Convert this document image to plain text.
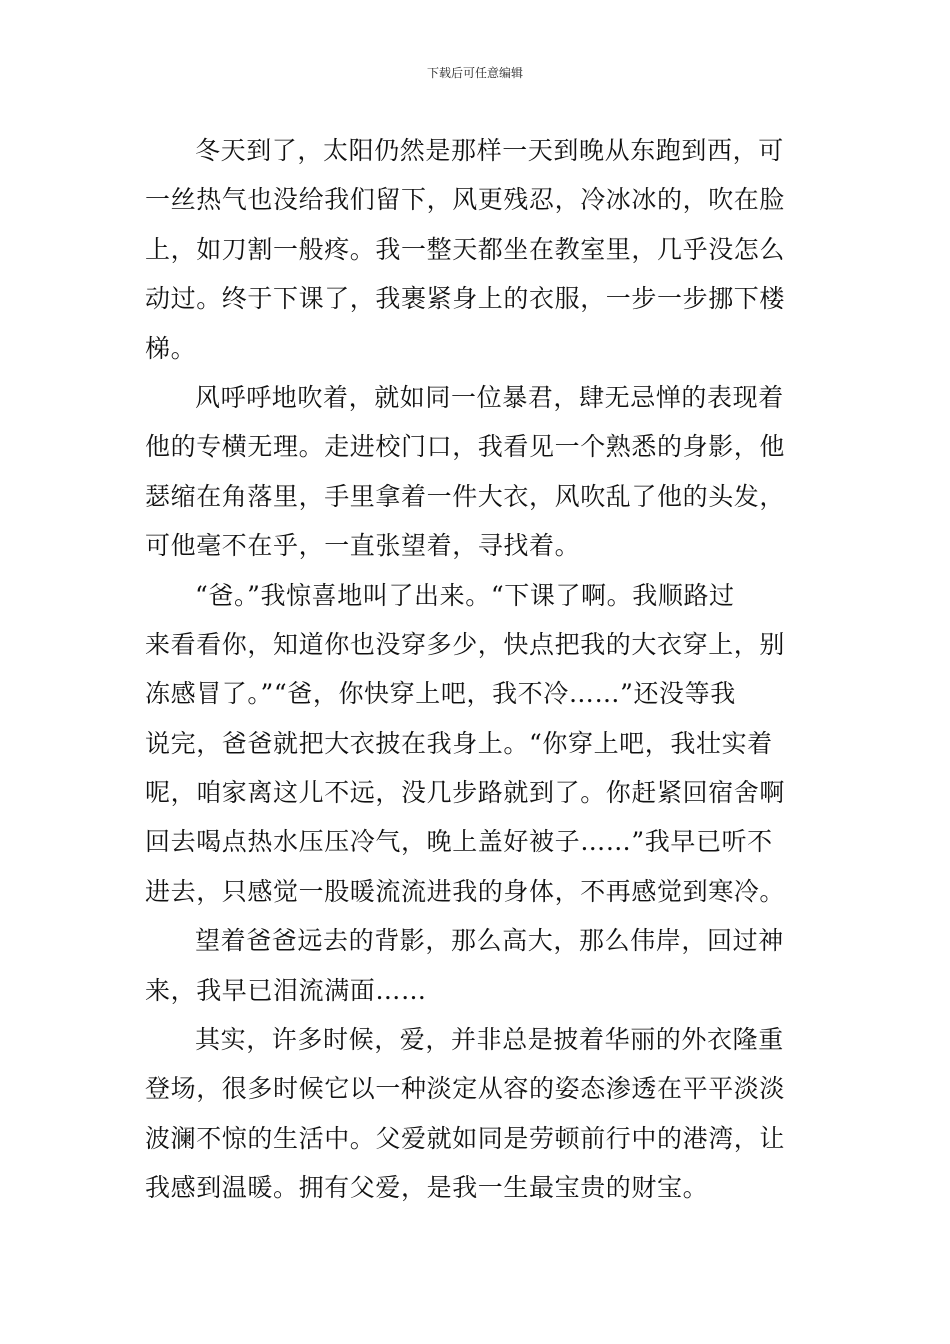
下载后可任意编辑
冬天到了，太阳仍然是那样一天到晚从东跑到西，可
一丝热气也没给我们留下，风更残忍，冷冰冰的，吹在脸
上，如刀割一般疼。我一整天都坐在教室里，几乎没怎么
动过。终于下课了，我裹紧身上的衣服，一步一步挪下楼
梯。
风呼呼地吹着，就如同一位暴君，肆无忌惮的表现着
他的专横无理。走进校门口，我看见一个熟悉的身影，他
瑟缩在角落里，手里拿着一件大衣，风吹乱了他的头发，
可他毫不在乎，一直张望着，寻找着。
“爸。”我惊喜地叫了出来。“下课了啊。我顺路过
来看看你，知道你也没穿多少，快点把我的大衣穿上，别
冻感冒了。”“爸，你快穿上吧，我不冷……”还没等我
说完，爸爸就把大衣披在我身上。“你穿上吧，我壮实着
呢，咱家离这儿不远，没几步路就到了。你赶紧回宿舍啊
回去喝点热水压压冷气，晚上盖好被子……”我早已听不
进去，只感觉一股暖流流进我的身体，不再感觉到寒冷。
望着爸爸远去的背影，那么高大，那么伟岸，回过神
来，我早已泪流满面……
其实，许多时候，爱，并非总是披着华丽的外衣隆重
登场，很多时候它以一种淡定从容的姿态渗透在平平淡淡
波澜不惊的生活中。父爱就如同是劳顿前行中的港湾，让
我感到温暖。拥有父爱，是我一生最宝贵的财宝。
